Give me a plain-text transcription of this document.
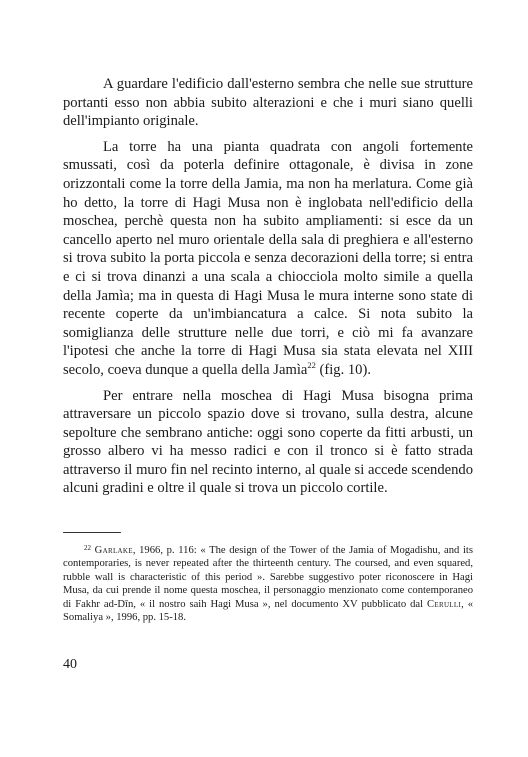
A guardare l'edificio dall'esterno sembra che nelle sue strutture portanti esso non abbia subito alterazioni e che i muri siano quelli dell'impianto originale.

La torre ha una pianta quadrata con angoli fortemente smussati, così da poterla definire ottagonale, è divisa in zone orizzontali come la torre della Jamia, ma non ha merlatura. Come già ho detto, la torre di Hagi Musa non è inglobata nell'edificio della moschea, perchè questa non ha subito ampliamenti: si esce da un cancello aperto nel muro orientale della sala di preghiera e all'esterno si trova subito la porta piccola e senza decorazioni della torre; si entra e ci si trova dinanzi a una scala a chiocciola molto simile a quella della Jamìa; ma in questa di Hagi Musa le mura interne sono state di recente coperte da un'imbiancatura a calce. Si nota subito la somiglianza delle strutture nelle due torri, e ciò mi fa avanzare l'ipotesi che anche la torre di Hagi Musa sia stata elevata nel XIII secolo, coeva dunque a quella della Jamìa$^{22}$ (fig. 10).

Per entrare nella moschea di Hagi Musa bisogna prima attraversare un piccolo spazio dove si trovano, sulla destra, alcune sepolture che sembrano antiche: oggi sono coperte da fitti arbusti, un grosso albero vi ha messo radici e con il tronco si è fatto strada attraverso il muro fin nel recinto interno, al quale si accede scendendo alcuni gradini e oltre il quale si trova un piccolo cortile.

$^{22}$ Garlake, 1966, p. 116: « The design of the Tower of the Jamia of Mogadishu, and its contemporaries, is never repeated after the thirteenth century. The coursed, and even squared, rubble wall is characteristic of this period ». Sarebbe suggestivo poter riconoscere in Hagi Musa, da cui prende il nome questa moschea, il personaggio menzionato come contemporaneo di Fakhr ad-Dīn, « il nostro saih Hagi Musa », nel documento XV pubblicato dal Cerulli, « Somaliya », 1996, pp. 15-18.

40
